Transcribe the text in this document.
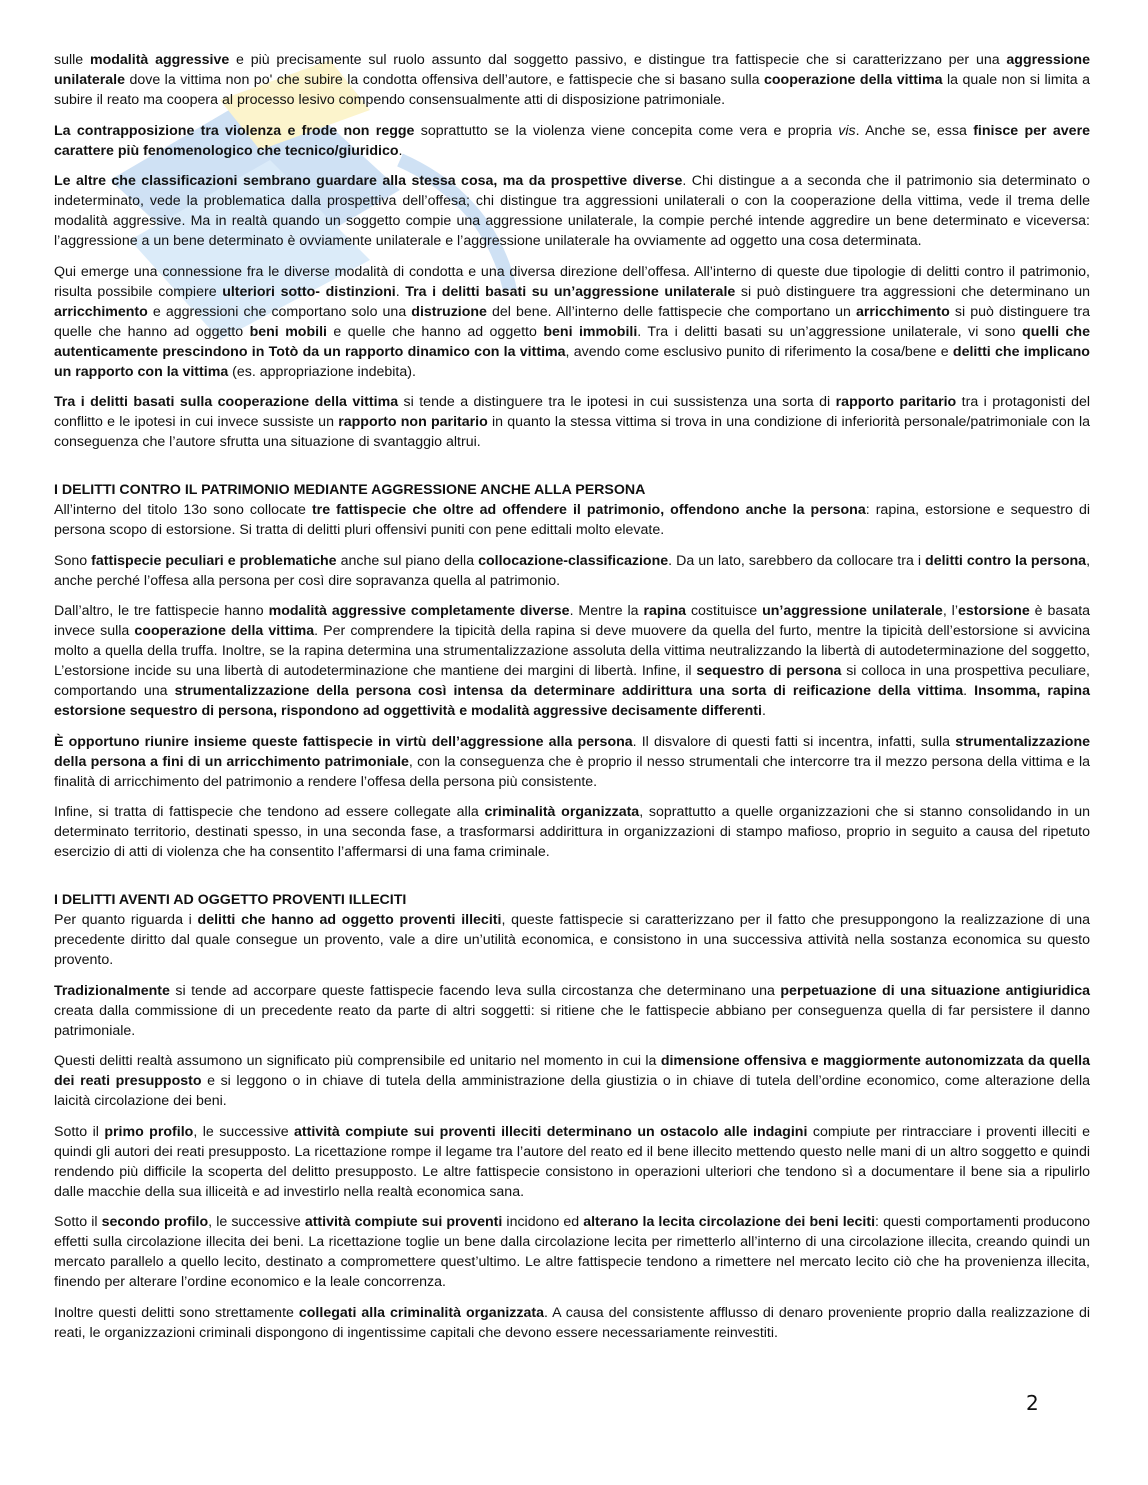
sulle modalità aggressive e più precisamente sul ruolo assunto dal soggetto passivo, e distingue tra fattispecie che si caratterizzano per una aggressione unilaterale dove la vittima non po' che subire la condotta offensiva dell’autore, e fattispecie che si basano sulla cooperazione della vittima la quale non si limita a subire il reato ma coopera al processo lesivo compendo consensualmente atti di disposizione patrimoniale.

La contrapposizione tra violenza e frode non regge soprattutto se la violenza viene concepita come vera e propria vis. Anche se, essa finisce per avere carattere più fenomenologico che tecnico/giuridico.

Le altre che classificazioni sembrano guardare alla stessa cosa, ma da prospettive diverse. Chi distingue a a seconda che il patrimonio sia determinato o indeterminato, vede la problematica dalla prospettiva dell’offesa; chi distingue tra aggressioni unilaterali o con la cooperazione della vittima, vede il trema delle modalità aggressive. Ma in realtà quando un soggetto compie una aggressione unilaterale, la compie perché intende aggredire un bene determinato e viceversa: l’aggressione a un bene determinato è ovviamente unilaterale e l’aggressione unilaterale ha ovviamente ad oggetto una cosa determinata.

Qui emerge una connessione fra le diverse modalità di condotta e una diversa direzione dell’offesa. All’interno di queste due tipologie di delitti contro il patrimonio, risulta possibile compiere ulteriori sotto- distinzioni. Tra i delitti basati su un’aggressione unilaterale si può distinguere tra aggressioni che determinano un arricchimento e aggressioni che comportano solo una distruzione del bene. All’interno delle fattispecie che comportano un arricchimento si può distinguere tra quelle che hanno ad oggetto beni mobili e quelle che hanno ad oggetto beni immobili. Tra i delitti basati su un’aggressione unilaterale, vi sono quelli che autenticamente prescindono in Totò da un rapporto dinamico con la vittima, avendo come esclusivo punito di riferimento la cosa/bene e delitti che implicano un rapporto con la vittima (es. appropriazione indebita).

Tra i delitti basati sulla cooperazione della vittima si tende a distinguere tra le ipotesi in cui sussistenza una sorta di rapporto paritario tra i protagonisti del conflitto e le ipotesi in cui invece sussiste un rapporto non paritario in quanto la stessa vittima si trova in una condizione di inferiorità personale/patrimoniale con la conseguenza che l’autore sfrutta una situazione di svantaggio altrui.

I DELITTI CONTRO IL PATRIMONIO MEDIANTE AGGRESSIONE ANCHE ALLA PERSONA

All’interno del titolo 13o sono collocate tre fattispecie che oltre ad offendere il patrimonio, offendono anche la persona: rapina, estorsione e sequestro di persona scopo di estorsione. Si tratta di delitti pluri offensivi puniti con pene edittali molto elevate.

Sono fattispecie peculiari e problematiche anche sul piano della collocazione-classificazione. Da un lato, sarebbero da collocare tra i delitti contro la persona, anche perché l’offesa alla persona per così dire sopravanza quella al patrimonio.

Dall’altro, le tre fattispecie hanno modalità aggressive completamente diverse. Mentre la rapina costituisce un’aggressione unilaterale, l’estorsione è basata invece sulla cooperazione della vittima. Per comprendere la tipicità della rapina si deve muovere da quella del furto, mentre la tipicità dell’estorsione si avvicina molto a quella della truffa. Inoltre, se la rapina determina una strumentalizzazione assoluta della vittima neutralizzando la libertà di autodeterminazione del soggetto, L’estorsione incide su una libertà di autodeterminazione che mantiene dei margini di libertà. Infine, il sequestro di persona si colloca in una prospettiva peculiare, comportando una strumentalizzazione della persona così intensa da determinare addirittura una sorta di reificazione della vittima. Insomma, rapina estorsione sequestro di persona, rispondono ad oggettività e modalità aggressive decisamente differenti.

È opportuno riunire insieme queste fattispecie in virtù dell’aggressione alla persona. Il disvalore di questi fatti si incentra, infatti, sulla strumentalizzazione della persona a fini di un arricchimento patrimoniale, con la conseguenza che è proprio il nesso strumentali che intercorre tra il mezzo persona della vittima e la finalità di arricchimento del patrimonio a rendere l’offesa della persona più consistente.

Infine, si tratta di fattispecie che tendono ad essere collegate alla criminalità organizzata, soprattutto a quelle organizzazioni che si stanno consolidando in un determinato territorio, destinati spesso, in una seconda fase, a trasformarsi addirittura in organizzazioni di stampo mafioso, proprio in seguito a causa del ripetuto esercizio di atti di violenza che ha consentito l’affermarsi di una fama criminale.

I DELITTI AVENTI AD OGGETTO PROVENTI ILLECITI

Per quanto riguarda i delitti che hanno ad oggetto proventi illeciti, queste fattispecie si caratterizzano per il fatto che presuppongono la realizzazione di una precedente diritto dal quale consegue un provento, vale a dire un’utilità economica, e consistono in una successiva attività nella sostanza economica su questo provento.

Tradizionalmente si tende ad accorpare queste fattispecie facendo leva sulla circostanza che determinano una perpetuazione di una situazione antigiuridica creata dalla commissione di un precedente reato da parte di altri soggetti: si ritiene che le fattispecie abbiano per conseguenza quella di far persistere il danno patrimoniale.

Questi delitti realtà assumono un significato più comprensibile ed unitario nel momento in cui la dimensione offensiva e maggiormente autonomizzata da quella dei reati presupposto e si leggono o in chiave di tutela della amministrazione della giustizia o in chiave di tutela dell’ordine economico, come alterazione della laicità circolazione dei beni.

Sotto il primo profilo, le successive attività compiute sui proventi illeciti determinano un ostacolo alle indagini compiute per rintracciare i proventi illeciti e quindi gli autori dei reati presupposto. La ricettazione rompe il legame tra l’autore del reato ed il bene illecito mettendo questo nelle mani di un altro soggetto e quindi rendendo più difficile la scoperta del delitto presupposto. Le altre fattispecie consistono in operazioni ulteriori che tendono sì a documentare il bene sia a ripulirlo dalle macchie della sua illiceità e ad investirlo nella realtà economica sana.

Sotto il secondo profilo, le successive attività compiute sui proventi incidono ed alterano la lecita circolazione dei beni leciti: questi comportamenti producono effetti sulla circolazione illecita dei beni. La ricettazione toglie un bene dalla circolazione lecita per rimetterlo all’interno di una circolazione illecita, creando quindi un mercato parallelo a quello lecito, destinato a compromettere quest’ultimo. Le altre fattispecie tendono a rimettere nel mercato lecito ciò che ha provenienza illecita, finendo per alterare l’ordine economico e la leale concorrenza.

Inoltre questi delitti sono strettamente collegati alla criminalità organizzata. A causa del consistente afflusso di denaro proveniente proprio dalla realizzazione di reati, le organizzazioni criminali dispongono di ingentissime capitali che devono essere necessariamente reinvestiti.

2
